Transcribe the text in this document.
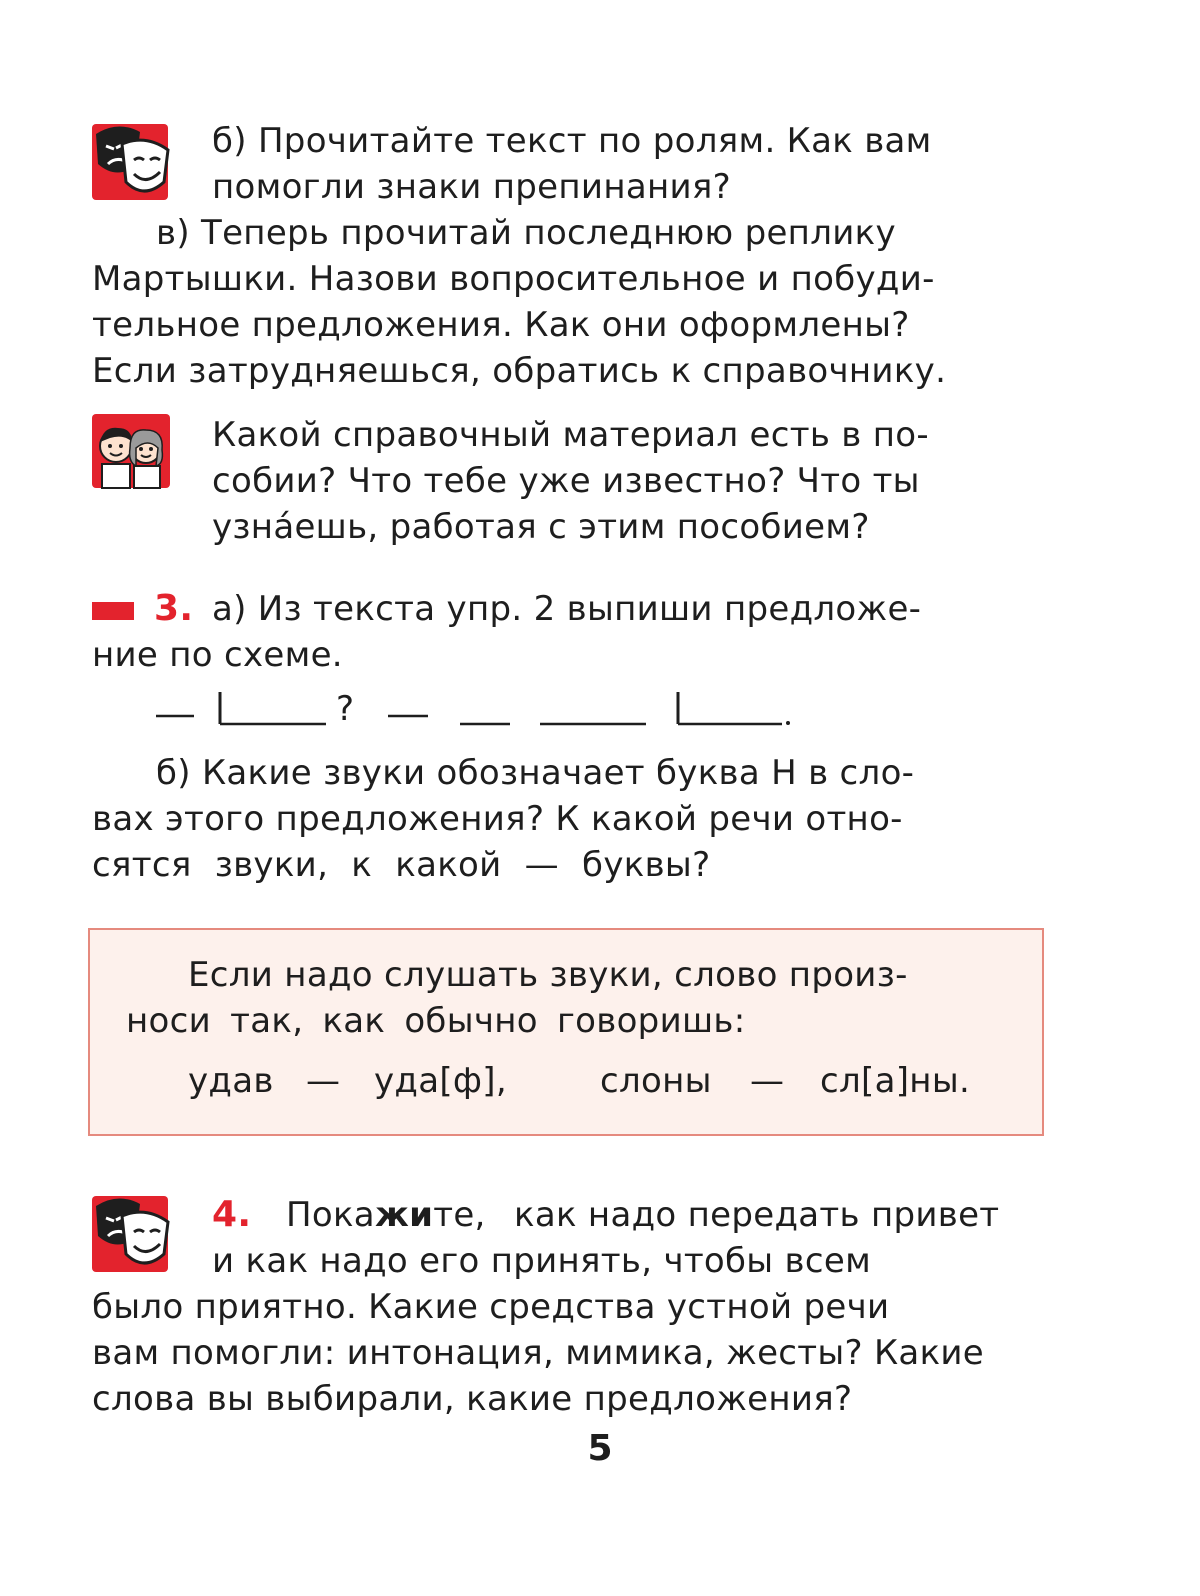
б) Прочитайте текст по ролям. Как вам
помогли знаки препинания?
в) Теперь прочитай последнюю реплику
Мартышки. Назови вопросительное и побуди-
тельное предложения. Как они оформлены?
Если затрудняешься, обратись к справочнику.
Какой справочный материал есть в по-
собии? Что тебе уже известно? Что ты
узна́ешь, работая с этим пособием?
3. а) Из текста упр. 2 выпиши предложе-
ние по схеме.
?
б) Какие звуки обозначает буква Н в сло-
вах этого предложения? К какой речи отно-
сятся звуки, к какой — буквы?
Если надо слушать звуки, слово произ-
носи так, как обычно говоришь:
удав — уда[ф],	слоны — сл[а]ны.
4. Покажите, как надо передать привет
и как надо его принять, чтобы всем
было приятно. Какие средства устной речи
вам помогли: интонация, мимика, жесты? Какие
слова вы выбирали, какие предложения?
5
